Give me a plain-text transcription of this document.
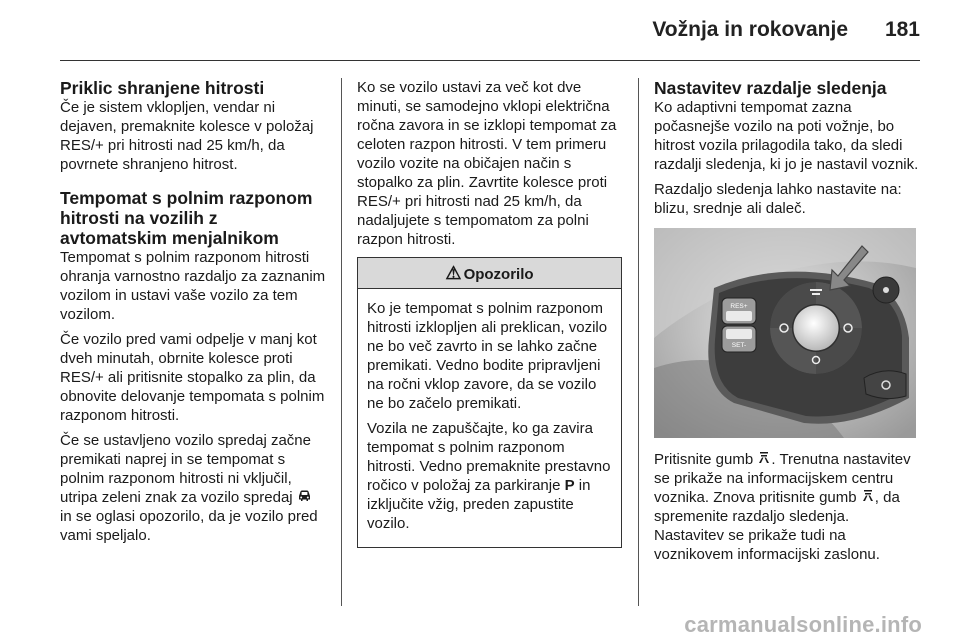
Vožnja in rokovanje 181
Priklic shranjene hitrosti

Če je sistem vklopljen, vendar ni dejaven, premaknite kolesce v položaj RES/+ pri hitrosti nad 25 km/h, da povrnete shranjeno hitrost.

Tempomat s polnim razponom hitrosti na vozilih z avtomatskim menjalnikom

Tempomat s polnim razponom hitrosti ohranja varnostno razdaljo za zaznanim vozilom in ustavi vaše vozilo za tem vozilom.

Če vozilo pred vami odpelje v manj kot dveh minutah, obrnite kolesce proti RES/+ ali pritisnite stopalko za plin, da obnovite delovanje tempomata s polnim razponom hitrosti.

Če se ustavljeno vozilo spredaj začne premikati naprej in se tempomat s polnim razponom hitrosti ni vključil, utripa zeleni znak za vozilo spredaj  in se oglasi opozorilo, da je vozilo pred vami speljalo.

Ko se vozilo ustavi za več kot dve minuti, se samodejno vklopi električna ročna zavora in se izklopi tempomat za celoten razpon hitrosti. V tem primeru vozilo vozite na običajen način s stopalko za plin. Zavrtite kolesce proti RES/+ pri hitrosti nad 25 km/h, da nadaljujete s tempomatom za polni razpon hitrosti.

⚠ Opozorilo

Ko je tempomat s polnim razponom hitrosti izklopljen ali preklican, vozilo ne bo več zavrto in se lahko začne premikati. Vedno bodite pripravljeni na ročni vklop zavore, da se vozilo ne bo začelo premikati.

Vozila ne zapuščajte, ko ga zavira tempomat s polnim razponom hitrosti. Vedno premaknite prestavno ročico v položaj za parkiranje P in izključite vžig, preden zapustite vozilo.

Nastavitev razdalje sledenja

Ko adaptivni tempomat zazna počasnejše vozilo na poti vožnje, bo hitrost vozila prilagodila tako, da sledi razdalji sledenja, ki jo je nastavil voznik.

Razdaljo sledenja lahko nastavite na: blizu, srednje ali daleč.

RES+
SET-

Pritisnite gumb . Trenutna nastavitev se prikaže na informacijskem centru voznika. Znova pritisnite gumb , da spremenite razdaljo sledenja. Nastavitev se prikaže tudi na voznikovem informacijski zaslonu.

carmanualsonline.info
